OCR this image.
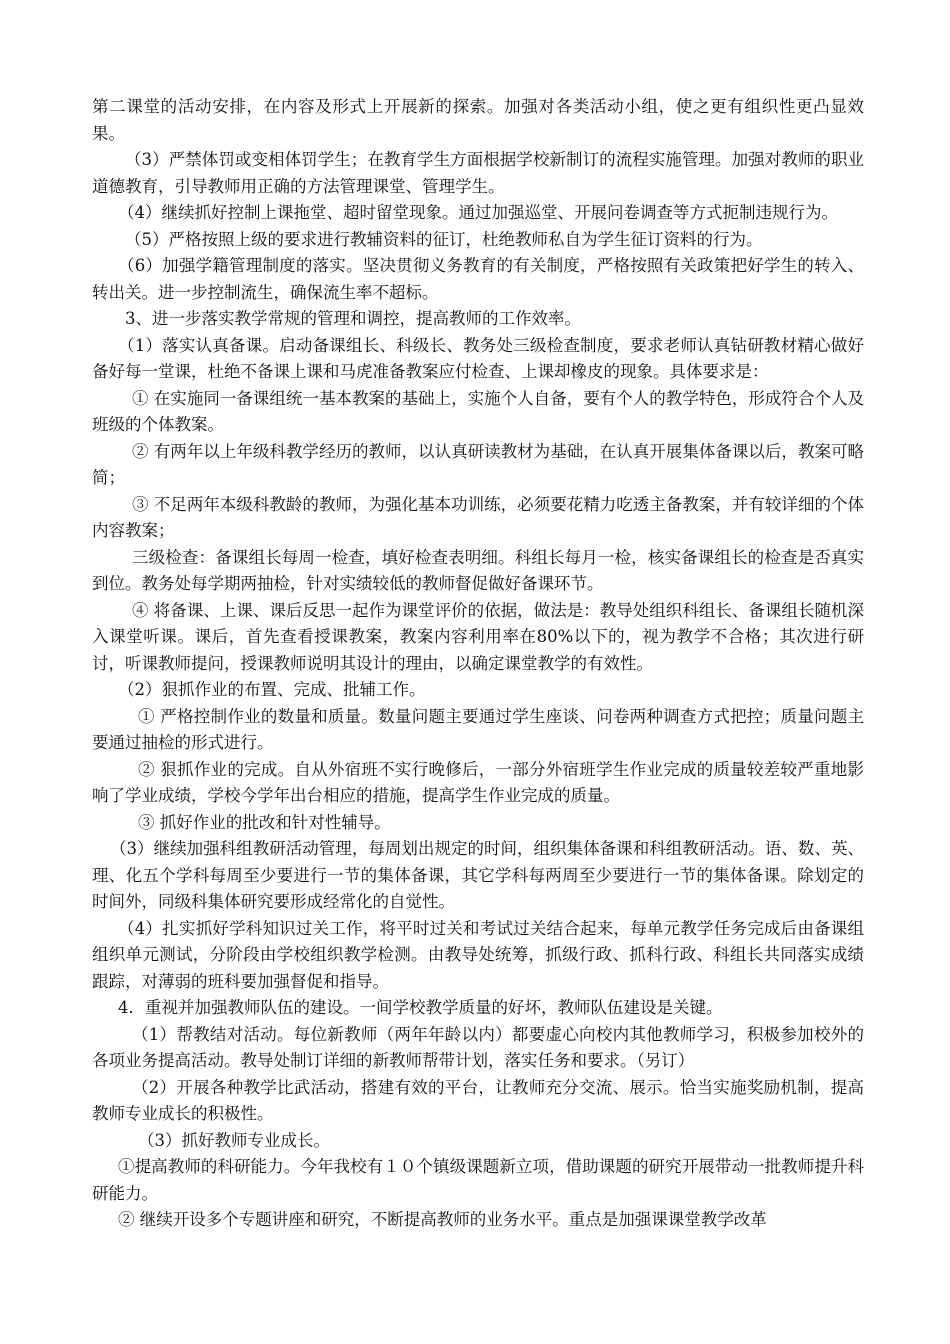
第二课堂的活动安排，在内容及形式上开展新的探索。加强对各类活动小组，使之更有组织性更凸显效果。

（3）严禁体罚或变相体罚学生；在教育学生方面根据学校新制订的流程实施管理。加强对教师的职业道德教育，引导教师用正确的方法管理课堂、管理学生。

（4）继续抓好控制上课拖堂、超时留堂现象。通过加强巡堂、开展问卷调查等方式扼制违规行为。

（5）严格按照上级的要求进行教辅资料的征订，杜绝教师私自为学生征订资料的行为。

（6）加强学籍管理制度的落实。坚决贯彻义务教育的有关制度，严格按照有关政策把好学生的转入、转出关。进一步控制流生，确保流生率不超标。

3、进一步落实教学常规的管理和调控，提高教师的工作效率。

（1）落实认真备课。启动备课组长、科级长、教务处三级检查制度，要求老师认真钻研教材精心做好备好每一堂课，杜绝不备课上课和马虎准备教案应付检查、上课却橡皮的现象。具体要求是：

① 在实施同一备课组统一基本教案的基础上，实施个人自备，要有个人的教学特色，形成符合个人及班级的个体教案。

② 有两年以上年级科教学经历的教师，以认真研读教材为基础，在认真开展集体备课以后，教案可略简；

③ 不足两年本级科教龄的教师，为强化基本功训练，必须要花精力吃透主备教案，并有较详细的个体内容教案；

三级检查：备课组长每周一检查，填好检查表明细。科组长每月一检，核实备课组长的检查是否真实到位。教务处每学期两抽检，针对实绩较低的教师督促做好备课环节。

④ 将备课、上课、课后反思一起作为课堂评价的依据，做法是：教导处组织科组长、备课组长随机深入课堂听课。课后，首先查看授课教案，教案内容利用率在80%以下的，视为教学不合格；其次进行研讨，听课教师提问，授课教师说明其设计的理由，以确定课堂教学的有效性。

（2）狠抓作业的布置、完成、批辅工作。

① 严格控制作业的数量和质量。数量问题主要通过学生座谈、问卷两种调查方式把控；质量问题主要通过抽检的形式进行。

② 狠抓作业的完成。自从外宿班不实行晚修后，一部分外宿班学生作业完成的质量较差较严重地影响了学业成绩，学校今学年出台相应的措施，提高学生作业完成的质量。

③ 抓好作业的批改和针对性辅导。

（3）继续加强科组教研活动管理，每周划出规定的时间，组织集体备课和科组教研活动。语、数、英、理、化五个学科每周至少要进行一节的集体备课，其它学科每两周至少要进行一节的集体备课。除划定的时间外，同级科集体研究要形成经常化的自觉性。

（4）扎实抓好学科知识过关工作，将平时过关和考试过关结合起来，每单元教学任务完成后由备课组组织单元测试，分阶段由学校组织教学检测。由教导处统筹，抓级行政、抓科行政、科组长共同落实成绩跟踪，对薄弱的班科要加强督促和指导。

4．重视并加强教师队伍的建设。一间学校教学质量的好坏，教师队伍建设是关键。

（1）帮教结对活动。每位新教师（两年年龄以内）都要虚心向校内其他教师学习，积极参加校外的各项业务提高活动。教导处制订详细的新教师帮带计划，落实任务和要求。（另订）

（2）开展各种教学比武活动，搭建有效的平台，让教师充分交流、展示。恰当实施奖励机制，提高教师专业成长的积极性。

（3）抓好教师专业成长。

①提高教师的科研能力。今年我校有１０个镇级课题新立项，借助课题的研究开展带动一批教师提升科研能力。

② 继续开设多个专题讲座和研究，不断提高教师的业务水平。重点是加强课课堂教学改革
